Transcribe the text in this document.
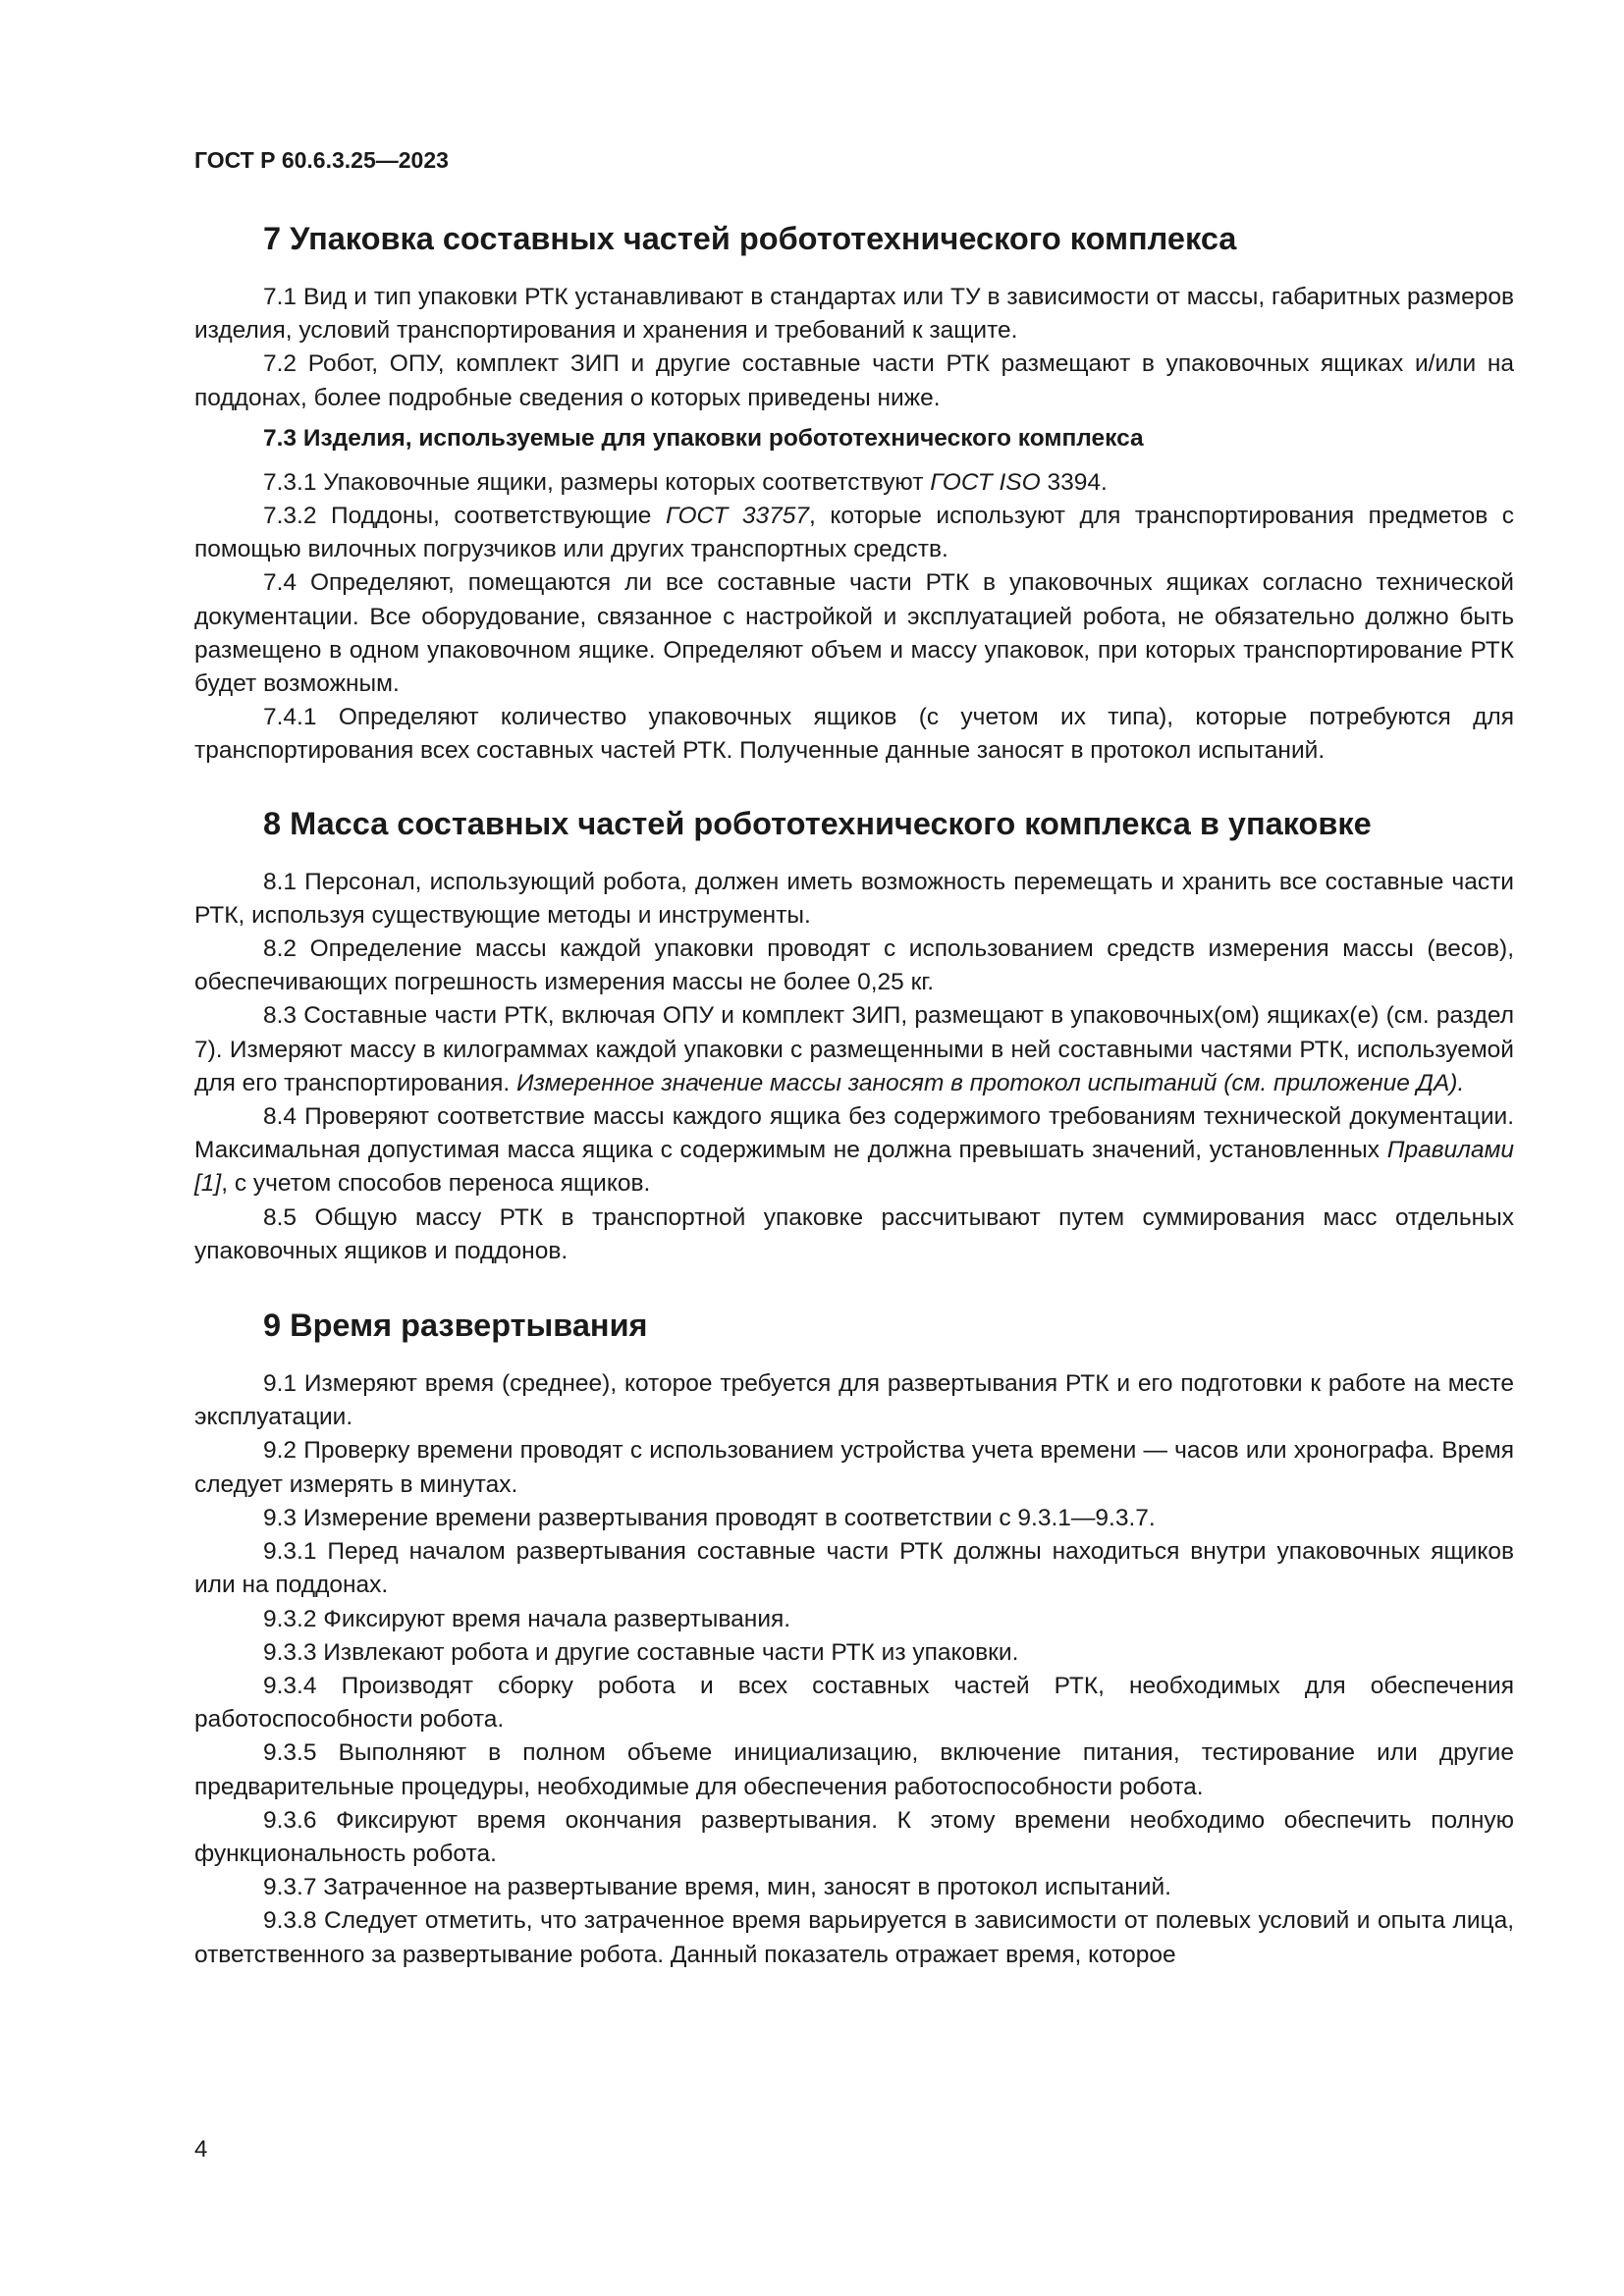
ГОСТ Р 60.6.3.25—2023
7 Упаковка составных частей робототехнического комплекса

7.1 Вид и тип упаковки РТК устанавливают в стандартах или ТУ в зависимости от массы, габаритных размеров изделия, условий транспортирования и хранения и требований к защите.

7.2 Робот, ОПУ, комплект ЗИП и другие составные части РТК размещают в упаковочных ящиках и/или на поддонах, более подробные сведения о которых приведены ниже.

7.3 Изделия, используемые для упаковки робототехнического комплекса

7.3.1 Упаковочные ящики, размеры которых соответствуют ГОСТ ISO 3394.

7.3.2 Поддоны, соответствующие ГОСТ 33757, которые используют для транспортирования предметов с помощью вилочных погрузчиков или других транспортных средств.

7.4 Определяют, помещаются ли все составные части РТК в упаковочных ящиках согласно технической документации. Все оборудование, связанное с настройкой и эксплуатацией робота, не обязательно должно быть размещено в одном упаковочном ящике. Определяют объем и массу упаковок, при которых транспортирование РТК будет возможным.

7.4.1 Определяют количество упаковочных ящиков (с учетом их типа), которые потребуются для транспортирования всех составных частей РТК. Полученные данные заносят в протокол испытаний.

8 Масса составных частей робототехнического комплекса в упаковке

8.1 Персонал, использующий робота, должен иметь возможность перемещать и хранить все составные части РТК, используя существующие методы и инструменты.

8.2 Определение массы каждой упаковки проводят с использованием средств измерения массы (весов), обеспечивающих погрешность измерения массы не более 0,25 кг.

8.3 Составные части РТК, включая ОПУ и комплект ЗИП, размещают в упаковочных(ом) ящиках(е) (см. раздел 7). Измеряют массу в килограммах каждой упаковки с размещенными в ней составными частями РТК, используемой для его транспортирования. Измеренное значение массы заносят в протокол испытаний (см. приложение ДА).

8.4 Проверяют соответствие массы каждого ящика без содержимого требованиям технической документации. Максимальная допустимая масса ящика с содержимым не должна превышать значений, установленных Правилами [1], с учетом способов переноса ящиков.

8.5 Общую массу РТК в транспортной упаковке рассчитывают путем суммирования масс отдельных упаковочных ящиков и поддонов.

9 Время развертывания

9.1 Измеряют время (среднее), которое требуется для развертывания РТК и его подготовки к работе на месте эксплуатации.

9.2 Проверку времени проводят с использованием устройства учета времени — часов или хронографа. Время следует измерять в минутах.

9.3 Измерение времени развертывания проводят в соответствии с 9.3.1—9.3.7.

9.3.1 Перед началом развертывания составные части РТК должны находиться внутри упаковочных ящиков или на поддонах.

9.3.2 Фиксируют время начала развертывания.

9.3.3 Извлекают робота и другие составные части РТК из упаковки.

9.3.4 Производят сборку робота и всех составных частей РТК, необходимых для обеспечения работоспособности робота.

9.3.5 Выполняют в полном объеме инициализацию, включение питания, тестирование или другие предварительные процедуры, необходимые для обеспечения работоспособности робота.

9.3.6 Фиксируют время окончания развертывания. К этому времени необходимо обеспечить полную функциональность робота.

9.3.7 Затраченное на развертывание время, мин, заносят в протокол испытаний.

9.3.8 Следует отметить, что затраченное время варьируется в зависимости от полевых условий и опыта лица, ответственного за развертывание робота. Данный показатель отражает время, которое

4
